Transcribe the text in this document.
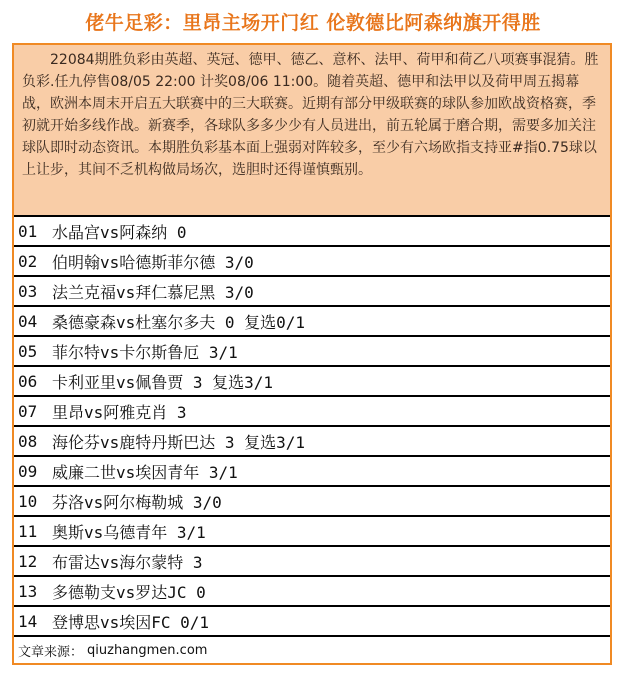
佬牛足彩：里昂主场开门红 伦敦德比阿森纳旗开得胜
22084期胜负彩由英超、英冠、德甲、德乙、意杯、法甲、荷甲和荷乙八项赛事混猜。胜负彩.任九停售08/05 22:00 计奖08/06 11:00。随着英超、德甲和法甲以及荷甲周五揭幕战，欧洲本周末开启五大联赛中的三大联赛。近期有部分甲级联赛的球队参加欧战资格赛，季初就开始多线作战。新赛季，各球队多多少少有人员进出，前五轮属于磨合期，需要多加关注球队即时动态资讯。本期胜负彩基本面上强弱对阵较多，至少有六场欧指支持亚#指0.75球以上让步，其间不乏机构做局场次，选胆时还得谨慎甄别。
01 水晶宫vs阿森纳 0
02 伯明翰vs哈德斯菲尔德 3/0
03 法兰克福vs拜仁慕尼黑 3/0
04 桑德豪森vs杜塞尔多夫 0 复选0/1
05 菲尔特vs卡尔斯鲁厄 3/1
06 卡利亚里vs佩鲁贾 3 复选3/1
07 里昂vs阿雅克肖 3
08 海伦芬vs鹿特丹斯巴达 3 复选3/1
09 威廉二世vs埃因青年 3/1
10 芬洛vs阿尔梅勒城 3/0
11 奥斯vs乌德青年 3/1
12 布雷达vs海尔蒙特 3
13 多德勒支vs罗达JC 0
14 登博思vs埃因FC 0/1
文章来源： qiuzhangmen.com
